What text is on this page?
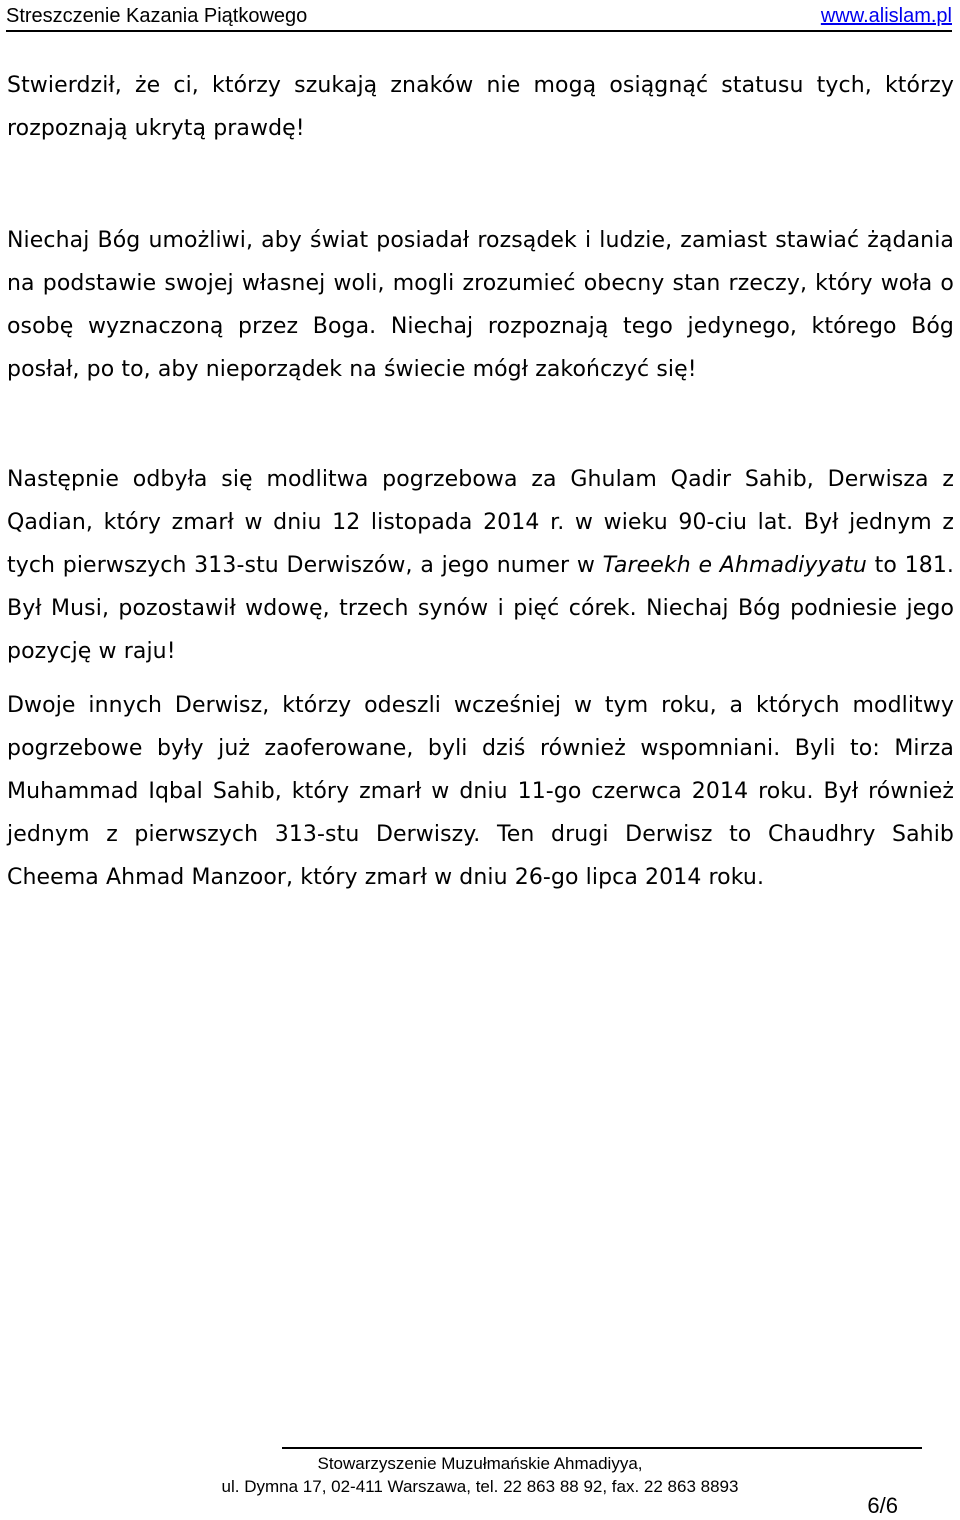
Streszczenie Kazania Piątkowego	www.alislam.pl

Stwierdził, że ci, którzy szukają znaków nie mogą osiągnąć statusu tych, którzy rozpoznają ukrytą prawdę!

Niechaj Bóg umożliwi, aby świat posiadał rozsądek i ludzie, zamiast stawiać żądania na podstawie swojej własnej woli, mogli zrozumieć obecny stan rzeczy, który woła o osobę wyznaczoną przez Boga. Niechaj rozpoznają tego jedynego, którego Bóg posłał, po to, aby nieporządek na świecie mógł zakończyć się!

Następnie odbyła się modlitwa pogrzebowa za Ghulam Qadir Sahib, Derwisza z Qadian, który zmarł w dniu 12 listopada 2014 r. w wieku 90-ciu lat. Był jednym z tych pierwszych 313-stu Derwiszów, a jego numer w Tareekh e Ahmadiyyatu to 181. Był Musi, pozostawił wdowę, trzech synów i pięć córek. Niechaj Bóg podniesie jego pozycję w raju!

Dwoje innych Derwisz, którzy odeszli wcześniej w tym roku, a których modlitwy pogrzebowe były już zaoferowane, byli dziś również wspomniani. Byli to: Mirza Muhammad Iqbal Sahib, który zmarł w dniu 11-go czerwca 2014 roku. Był również jednym z pierwszych 313-stu Derwiszy. Ten drugi Derwisz to Chaudhry Sahib Cheema Ahmad Manzoor, który zmarł w dniu 26-go lipca 2014 roku.

Stowarzyszenie Muzułmańskie Ahmadiyya,
ul. Dymna 17, 02-411 Warszawa, tel. 22 863 88 92, fax. 22 863 8893
6/6
